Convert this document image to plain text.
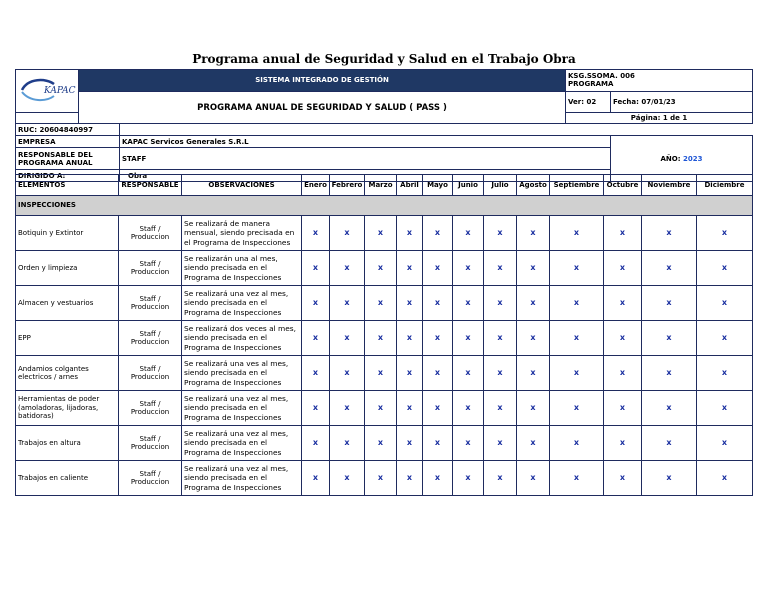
Programa anual de Seguridad y Salud en el Trabajo Obra
KAPAC	SISTEMA INTEGRADO DE GESTIÓN		KSG.SSOMA. 006
PROGRAMA	

	PROGRAMA ANUAL DE SEGURIDAD Y SALUD ( PASS )		Ver: 02	Fecha: 07/01/23
			Página: 1 de 1	
RUC: 20604840997				
EMPRESA		KAPAC Servicos Generales S.R.L		AÑO: 2023
RESPONSABLE DEL PROGRAMA ANUAL		STAFF		
DIRIGIDO A:		Obra		
ELEMENTOS	RESPONSABLE	OBSERVACIONES	Enero	Febrero	Marzo	Abril	Mayo	Junio	Julio	Agosto	Septiembre	Octubre	Noviembre	Diciembre
INSPECCIONES														
Botiquin y Extintor	Staff / Produccion	Se realizará de manera mensual, siendo precisada en el Programa de Inspecciones	x	x	x	x	x	x	x	x	x	x	x	x
Orden y limpieza	Staff / Produccion	Se realizarán una al mes, siendo precisada en el Programa de Inspecciones	x	x	x	x	x	x	x	x	x	x	x	x
Almacen y vestuarios	Staff / Produccion	Se realizará una vez al mes, siendo precisada en el Programa de Inspecciones	x	x	x	x	x	x	x	x	x	x	x	x
EPP	Staff / Produccion	Se realizará dos veces al mes, siendo precisada en el Programa de Inspecciones	x	x	x	x	x	x	x	x	x	x	x	x
Andamios colgantes electricos / arnes	Staff / Produccion	Se realizará una ves al mes, siendo precisada en el Programa de Inspecciones	x	x	x	x	x	x	x	x	x	x	x	x
Herramientas de poder (amoladoras, lijadoras, batidoras)	Staff / Produccion	Se realizará una vez al mes, siendo precisada en el Programa de Inspecciones	x	x	x	x	x	x	x	x	x	x	x	x
Trabajos en altura	Staff / Produccion	Se realizará una vez al mes, siendo precisada en el Programa de Inspecciones	x	x	x	x	x	x	x	x	x	x	x	x
Trabajos en caliente	Staff / Produccion	Se realizará una vez al mes, siendo precisada en el Programa de Inspecciones	x	x	x	x	x	x	x	x	x	x	x	x
